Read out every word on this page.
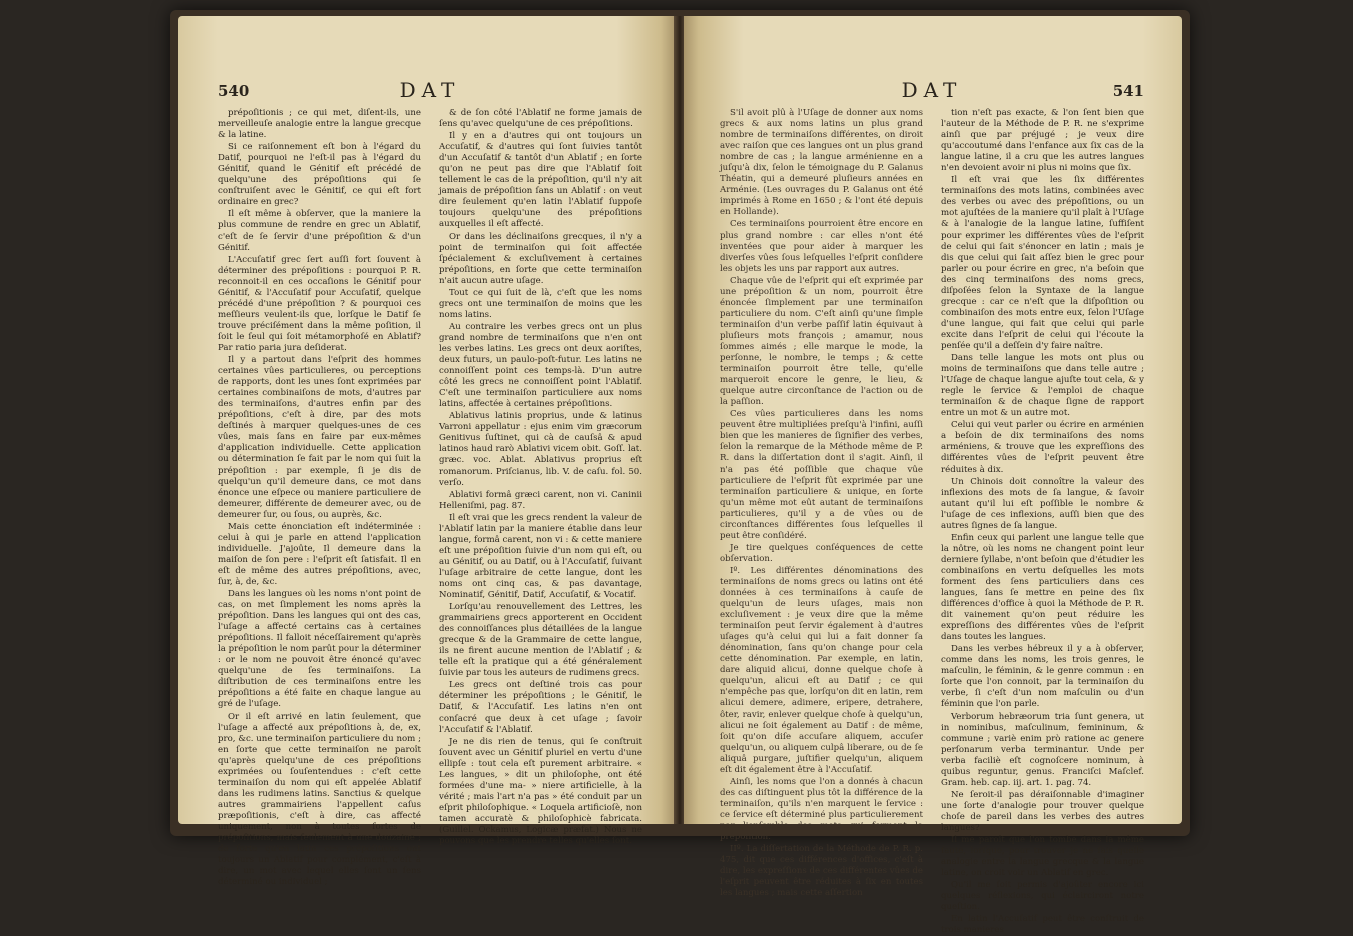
540	DAT

prépoſitionis ; ce qui met, diſent-ils, une merveilleuſe analogie entre la langue grecque & la latine.

Si ce raiſonnement eſt bon à l'égard du Datif, pourquoi ne l'eſt-il pas à l'égard du Génitif, quand le Génitif eſt précédé de quelqu'une des prépoſitions qui ſe conſtruiſent avec le Génitif, ce qui eſt fort ordinaire en grec?

Il eſt même à obſerver, que la maniere la plus commune de rendre en grec un Ablatif, c'eſt de ſe ſervir d'une prépoſition & d'un Génitif.

L'Accuſatif grec ſert auſſi fort ſouvent à déterminer des prépoſitions : pourquoi P. R. reconnoit-il en ces occaſions le Génitif pour Génitif, & l'Accuſatif pour Accuſatif, quelque précédé d'une prépoſition ? & pourquoi ces meſſieurs veulent-ils que, lorſque le Datif ſe trouve préciſément dans la même poſition, il ſoit le ſeul qui ſoit métamorphoſé en Ablatif? Par ratio paria jura deſiderat.

Il y a partout dans l'eſprit des hommes certaines vûes particulieres, ou perceptions de rapports, dont les unes ſont exprimées par certaines combinaiſons de mots, d'autres par des terminaiſons, d'autres enfin par des prépoſitions, c'eſt à dire, par des mots deſtinés à marquer quelques-unes de ces vûes, mais ſans en faire par eux-mêmes d'application individuelle. Cette application ou détermination ſe fait par le nom qui ſuit la prépoſition : par exemple, ſi je dis de quelqu'un qu'il demeure dans, ce mot dans énonce une eſpece ou maniere particuliere de demeurer, différente de demeurer avec, ou de demeurer ſur, ou ſous, ou auprès, &c.

Mais cette énonciation eſt indéterminée : celui à qui je parle en attend l'application individuelle. J'ajoûte, Il demeure dans la maiſon de ſon pere : l'eſprit eſt ſatisfait. Il en eſt de même des autres prépoſitions, avec, ſur, à, de, &c.

Dans les langues où les noms n'ont point de cas, on met ſimplement les noms après la prépoſition. Dans les langues qui ont des cas, l'uſage a affecté certains cas à certaines prépoſitions. Il falloit néceſſairement qu'après la prépoſition le nom parût pour la déterminer : or le nom ne pouvoit être énoncé qu'avec quelqu'une de ſes terminaiſons. La diſtribution de ces terminaiſons entre les prépoſitions a été faite en chaque langue au gré de l'uſage.

Or il eſt arrivé en latin ſeulement, que l'uſage a affecté aux prépoſitions à, de, ex, pro, &c. une terminaiſon particuliere du nom ; en ſorte que cette terminaiſon ne paroît qu'après quelqu'une de ces prépoſitions exprimées ou ſouſentendues : c'eſt cette terminaiſon du nom qui eſt appelée Ablatif dans les rudimens latins. Sanctius & quelque autres grammairiens l'appellent caſus præpoſitionis, c'eſt à dire, cas affecté uniquement, non à toutes ſortes de prépoſitions, mais ſeulement à une douzaine ; de ſorte qu'en latin ces prépoſitions ont toujours un Ablatif pour complément, c'eſt à dire, un mot avec lequel elles ſont un ſens déterminé ou individuel ;

& de ſon côté l'Ablatif ne forme jamais de ſens qu'avec quelqu'une de ces prépoſitions.

Il y en a d'autres qui ont toujours un Accuſatif, & d'autres qui ſont ſuivies tantôt d'un Accuſatif & tantôt d'un Ablatif ; en ſorte qu'on ne peut pas dire que l'Ablatif ſoit tellement le cas de la prépoſition, qu'il n'y ait jamais de prépoſition ſans un Ablatif : on veut dire ſeulement qu'en latin l'Ablatif ſuppoſe toujours quelqu'une des prépoſitions auxquelles il eſt affecté.

Or dans les déclinaiſons grecques, il n'y a point de terminaiſon qui ſoit affectée ſpécialement & excluſivement à certaines prépoſitions, en ſorte que cette terminaiſon n'ait aucun autre uſage.

Tout ce qui ſuit de là, c'eſt que les noms grecs ont une terminaiſon de moins que les noms latins.

Au contraire les verbes grecs ont un plus grand nombre de terminaiſons que n'en ont les verbes latins. Les grecs ont deux aoriſtes, deux futurs, un paulo-poſt-futur. Les latins ne connoiſſent point ces temps-là. D'un autre côté les grecs ne connoiſſent point l'Ablatif. C'eſt une terminaiſon particuliere aux noms latins, affectée à certaines prépoſitions.

Ablativus latinis proprius, unde & latinus Varroni appellatur : ejus enim vim græcorum Genitivus ſuſtinet, qui cà de cauſsâ & apud latinos haud rarò Ablativi vicem obit. Goſſ. lat. græc. voc. Ablat. Ablativus proprius eſt romanorum. Priſcianus, lib. V. de caſu. fol. 50. verſo.

Ablativi formâ græci carent, non vi. Caninii Helleniſmi, pag. 87.

Il eſt vrai que les grecs rendent la valeur de l'Ablatif latin par la maniere établie dans leur langue, formâ carent, non vi : & cette maniere eſt une prépoſition ſuivie d'un nom qui eſt, ou au Génitif, ou au Datif, ou à l'Accuſatif, ſuivant l'uſage arbitraire de cette langue, dont les noms ont cinq cas, & pas davantage, Nominatif, Génitif, Datif, Accuſatif, & Vocatif.

Lorſqu'au renouvellement des Lettres, les grammairiens grecs apporterent en Occident des connoiſſances plus détaillées de la langue grecque & de la Grammaire de cette langue, ils ne firent aucune mention de l'Ablatif ; & telle eſt la pratique qui a été généralement ſuivie par tous les auteurs de rudimens grecs.

Les grecs ont deſtiné trois cas pour déterminer les prépoſitions ; le Génitif, le Datif, & l'Accuſatif. Les latins n'en ont conſacré que deux à cet uſage ; ſavoir l'Accuſatif & l'Ablatif.

Je ne dis rien de tenus, qui ſe conſtruit ſouvent avec un Génitif pluriel en vertu d'une ellipſe : tout cela eſt purement arbitraire. « Les langues, » dit un philoſophe, ont été formées d'une ma- » niere artificielle, à la vérité ; mais l'art n'a pas » été conduit par un eſprit philoſophique. « Loquela artificioſè, non tamen accuratè & philoſophicè fabricata. (Guillel. Ockamus, Logicæ præfat.) Nous ne pouvons que les prendre telles qu'elles ſont.

DAT	541

S'il avoit plû à l'Uſage de donner aux noms grecs & aux noms latins un plus grand nombre de terminaiſons différentes, on diroit avec raiſon que ces langues ont un plus grand nombre de cas ; la langue arménienne en a juſqu'à dix, ſelon le témoignage du P. Galanus Théatin, qui a demeuré pluſieurs années en Arménie. (Les ouvrages du P. Galanus ont été imprimés à Rome en 1650 ; & l'ont été depuis en Hollande).

Ces terminaiſons pourroient être encore en plus grand nombre : car elles n'ont été inventées que pour aider à marquer les diverſes vûes ſous leſquelles l'eſprit conſidere les objets les uns par rapport aux autres.

Chaque vûe de l'eſprit qui eſt exprimée par une prépoſition & un nom, pourroit être énoncée ſimplement par une terminaiſon particuliere du nom. C'eſt ainſi qu'une ſimple terminaiſon d'un verbe paſſif latin équivaut à pluſieurs mots françois ; amamur, nous ſommes aimés ; elle marque le mode, la perſonne, le nombre, le temps ; & cette terminaiſon pourroit être telle, qu'elle marqueroit encore le genre, le lieu, & quelque autre circonſtance de l'action ou de la paſſion.

Ces vûes particulieres dans les noms peuvent être multipliées preſqu'à l'infini, auſſi bien que les manieres de ſignifier des verbes, ſelon la remarque de la Méthode même de P. R. dans la diſſertation dont il s'agit. Ainſi, il n'a pas été poſſible que chaque vûe particuliere de l'eſprit fût exprimée par une terminaiſon particuliere & unique, en ſorte qu'un même mot eût autant de terminaiſons particulieres, qu'il y a de vûes ou de circonſtances différentes ſous leſquelles il peut être conſidéré.

Je tire quelques conſéquences de cette obſervation.

Iº. Les différentes dénominations des terminaiſons de noms grecs ou latins ont été données à ces terminaiſons à cauſe de quelqu'un de leurs uſages, mais non excluſivement : je veux dire que la même terminaiſon peut ſervir également à d'autres uſages qu'à celui qui lui a fait donner ſa dénomination, ſans qu'on change pour cela cette dénomination. Par exemple, en latin, dare aliquid alicui, donne quelque choſe à quelqu'un, alicui eſt au Datif ; ce qui n'empêche pas que, lorſqu'on dit en latin, rem alicui demere, adimere, eripere, detrahere, ôter, ravir, enlever quelque choſe à quelqu'un, alicui ne ſoit également au Datif : de même, ſoit qu'on diſe accuſare aliquem, accuſer quelqu'un, ou aliquem culpâ liberare, ou de ſe aliquâ purgare, juſtifier quelqu'un, aliquem eſt dit également être à l'Accuſatif.

Ainſi, les noms que l'on a donnés à chacun des cas diſtinguent plus tôt la différence de la terminaiſon, qu'ils n'en marquent le ſervice : ce ſervice eſt déterminé plus particulierement par l'enſemble des mots qui forment la prépoſition.

IIº. La diſſertation de la Méthode de P. R. p. 475, dit que ces différences d'offices, c'eſt à dire, les expreſſions de ces différentes vûes de l'eſprit peuvent être réduites à ſix en toutes les langues ; mais cette aſſertion

tion n'eſt pas exacte, & l'on ſent bien que l'auteur de la Méthode de P. R. ne s'exprime ainſi que par préjugé ; je veux dire qu'accoutumé dans l'enfance aux ſix cas de la langue latine, il a cru que les autres langues n'en devoient avoir ni plus ni moins que ſix.

Il eſt vrai que les ſix différentes terminaiſons des mots latins, combinées avec des verbes ou avec des prépoſitions, ou un mot ajuſtées de la maniere qu'il plaît à l'Uſage & à l'analogie de la langue latine, ſuffiſent pour exprimer les différentes vûes de l'eſprit de celui qui ſait s'énoncer en latin ; mais je dis que celui qui ſait aſſez bien le grec pour parler ou pour écrire en grec, n'a beſoin que des cinq terminaiſons des noms grecs, diſpoſées ſelon la Syntaxe de la langue grecque : car ce n'eſt que la diſpoſition ou combinaiſon des mots entre eux, ſelon l'Uſage d'une langue, qui fait que celui qui parle excite dans l'eſprit de celui qui l'écoute la penſée qu'il a deſſein d'y faire naître.

Dans telle langue les mots ont plus ou moins de terminaiſons que dans telle autre ; l'Uſage de chaque langue ajuſte tout cela, & y regle le ſervice & l'emploi de chaque terminaiſon & de chaque ſigne de rapport entre un mot & un autre mot.

Celui qui veut parler ou écrire en arménien a beſoin de dix terminaiſons des noms arméniens, & trouve que les expreſſions des différentes vûes de l'eſprit peuvent être réduites à dix.

Un Chinois doit connoître la valeur des inflexions des mots de ſa langue, & ſavoir autant qu'il lui eſt poſſible le nombre & l'uſage de ces inflexions, auſſi bien que des autres ſignes de ſa langue.

Enfin ceux qui parlent une langue telle que la nôtre, où les noms ne changent point leur derniere ſyllabe, n'ont beſoin que d'étudier les combinaiſons en vertu deſquelles les mots forment des ſens particuliers dans ces langues, ſans ſe mettre en peine des ſix différences d'office à quoi la Méthode de P. R. dit vainement qu'on peut réduire les expreſſions des différentes vûes de l'eſprit dans toutes les langues.

Dans les verbes hébreux il y a à obſerver, comme dans les noms, les trois genres, le maſculin, le féminin, & le genre commun : en ſorte que l'on connoit, par la terminaiſon du verbe, ſi c'eſt d'un nom maſculin ou d'un féminin que l'on parle.

Verborum hebræorum tria ſunt genera, ut in nominibus, maſculinum, femininum, & commune ; variè enim prò ratione ac genere perſonarum verba terminantur. Unde per verba faciliè eſt cognoſcere nominum, à quibus reguntur, genus. Franciſci Maſclef. Gram. heb. cap. iij. art. 1. pag. 74.

Ne ſeroit-il pas déraiſonnable d'imaginer une ſorte d'analogie pour trouver quelque choſe de pareil dans les verbes des autres langues?

Il me paroît que l'on tombe dans la même faute, lorſque, pour trouver je ne ſais quelle analogie entre la langue grecque & la langue latine, on croit voir un Ablatif en grec.

Qu'il me ſoit permis d'ajoûter encore ici quelques réflexions, qui éclairciront notre queſtion.

En latin l'Accuſatif peut être conſtruit de trois manieres
